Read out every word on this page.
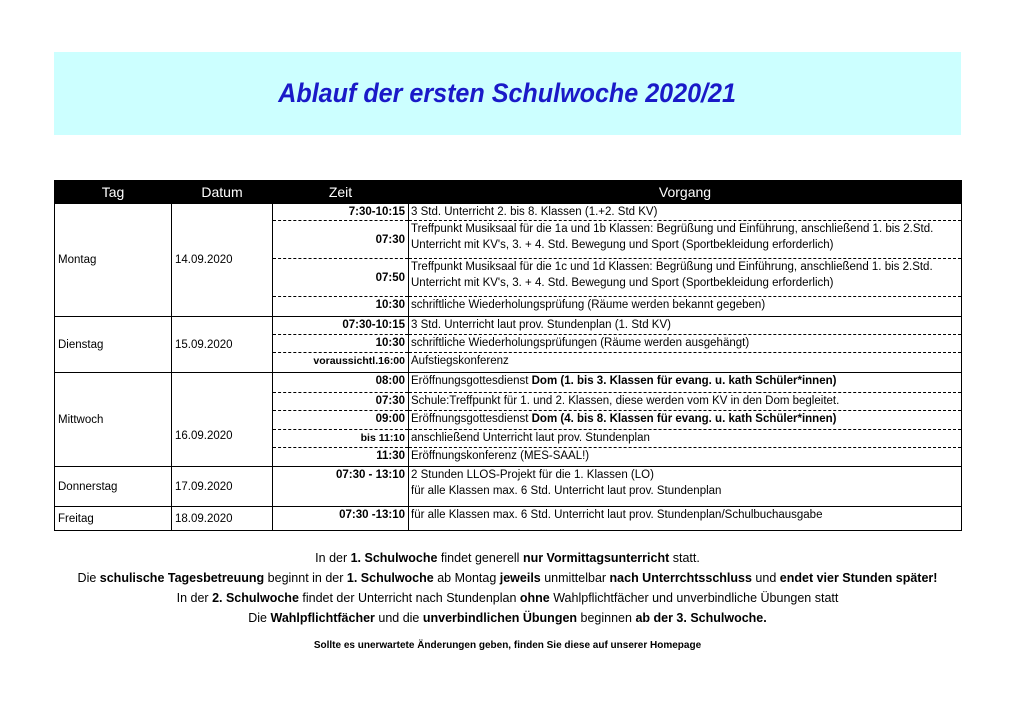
Ablauf der ersten Schulwoche 2020/21
Tag	Datum	Zeit	Vorgang
Montag	14.09.2020	7:30-10:15	3 Std. Unterricht 2. bis 8. Klassen (1.+2. Std KV)

		07:30	Treffpunkt Musiksaal für die 1a und 1b Klassen: Begrüßung und Einführung, anschließend 1. bis 2.Std.
Unterricht mit KV's, 3. + 4. Std. Bewegung und Sport (Sportbekleidung erforderlich)

		07:50	Treffpunkt Musiksaal für die 1c und 1d Klassen: Begrüßung und Einführung, anschließend 1. bis 2.Std.
Unterricht mit KV's, 3. + 4. Std. Bewegung und Sport (Sportbekleidung erforderlich)

		10:30	schriftliche Wiederholungsprüfung (Räume werden bekannt gegeben)

Dienstag	15.09.2020	07:30-10:15	3 Std. Unterricht laut prov. Stundenplan (1. Std KV)

		10:30	schriftliche Wiederholungsprüfungen (Räume werden ausgehängt)

		voraussichtl.16:00	Aufstiegskonferenz

Mittwoch	16.09.2020	08:00	Eröffnungsgottesdienst Dom (1. bis 3. Klassen für evang. u. kath Schüler*innen)

		07:30	Schule:Treffpunkt für 1. und 2. Klassen, diese werden vom KV in den Dom begleitet.

		09:00	Eröffnungsgottesdienst Dom (4. bis 8. Klassen für evang. u. kath Schüler*innen)

		bis 11:10	anschließend Unterricht laut prov. Stundenplan

		11:30	Eröffnungskonferenz (MES-SAAL!)

Donnerstag	17.09.2020	07:30 - 13:10	2 Stunden LLOS-Projekt für die 1. Klassen (LO)
für alle Klassen max. 6 Std. Unterricht laut prov. Stundenplan

Freitag	18.09.2020	07:30 -13:10	für alle Klassen max. 6 Std. Unterricht laut prov. Stundenplan/Schulbuchausgabe

In der 1. Schulwoche findet generell nur Vormittagsunterricht statt.

Die schulische Tagesbetreuung beginnt in der 1. Schulwoche ab Montag jeweils unmittelbar nach Unterrchtsschluss und endet vier Stunden später!

In der 2. Schulwoche findet der Unterricht nach Stundenplan ohne Wahlpflichtfächer und unverbindliche Übungen statt

Die Wahlpflichtfächer und die unverbindlichen Übungen beginnen ab der 3. Schulwoche.

Sollte es unerwartete Änderungen geben, finden Sie diese auf unserer Homepage
